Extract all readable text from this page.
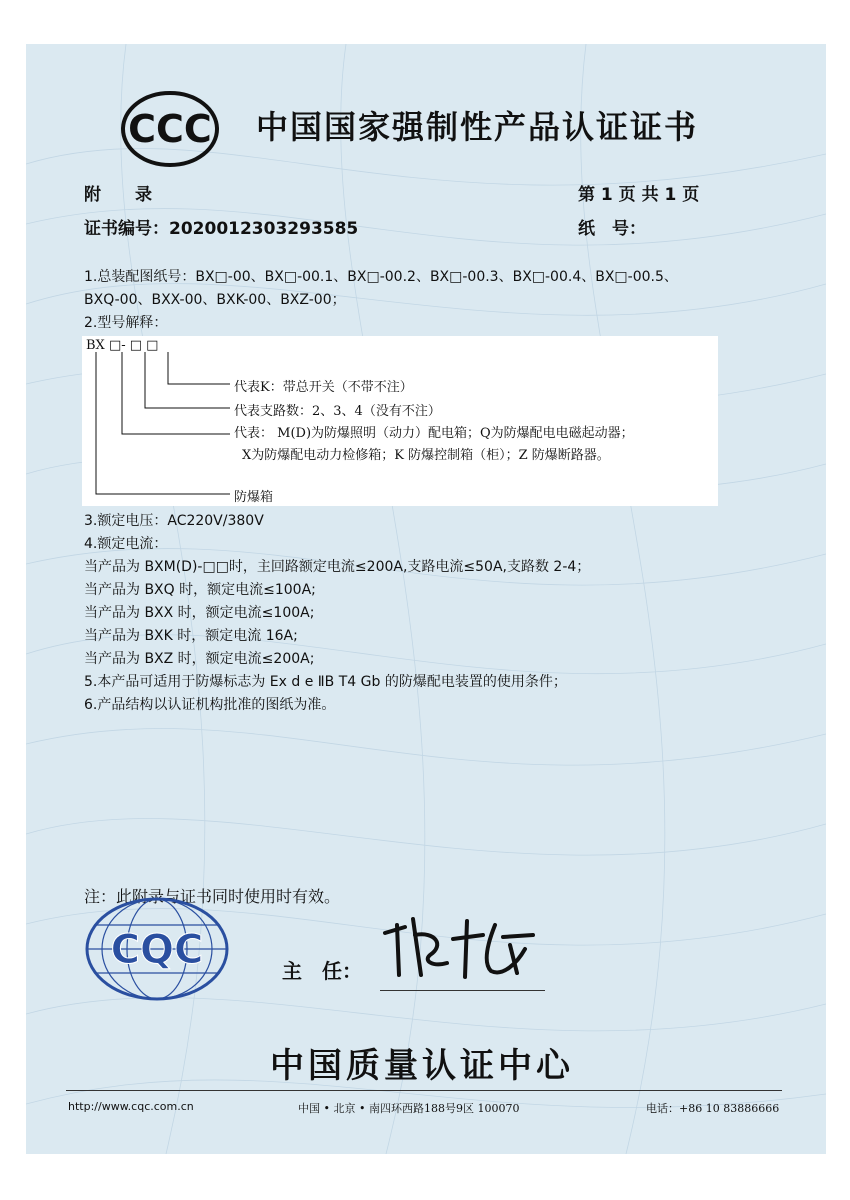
CCC 中国国家强制性产品认证证书
附　　录	第 1 页 共 1 页
证书编号：2020012303293585	纸　号：
1.总装配图纸号：BX□-00、BX□-00.1、BX□-00.2、BX□-00.3、BX□-00.4、BX□-00.5、
BXQ-00、BXX-00、BXK-00、BXZ-00；
2.型号解释：
BX □- □ □
代表K：带总开关（不带不注）
代表支路数：2、3、4（没有不注）
代表： M(D)为防爆照明（动力）配电箱；Q为防爆配电电磁起动器；
X为防爆配电动力检修箱；K 防爆控制箱（柜）；Z 防爆断路器。
防爆箱
3.额定电压：AC220V/380V
4.额定电流：
当产品为 BXM(D)-□□时，主回路额定电流≤200A,支路电流≤50A,支路数 2-4；
当产品为 BXQ 时，额定电流≤100A;
当产品为 BXX 时，额定电流≤100A;
当产品为 BXK 时，额定电流 16A;
当产品为 BXZ 时，额定电流≤200A;
5.本产品可适用于防爆标志为 Ex d e ⅡB T4 Gb 的防爆配电装置的使用条件；
6.产品结构以认证机构批准的图纸为准。
注：此附录与证书同时使用时有效。
CQC	主　任：
中国质量认证中心
http://www.cqc.com.cn	中国 • 北京 • 南四环西路188号9区 100070	电话：+86 10 83886666
